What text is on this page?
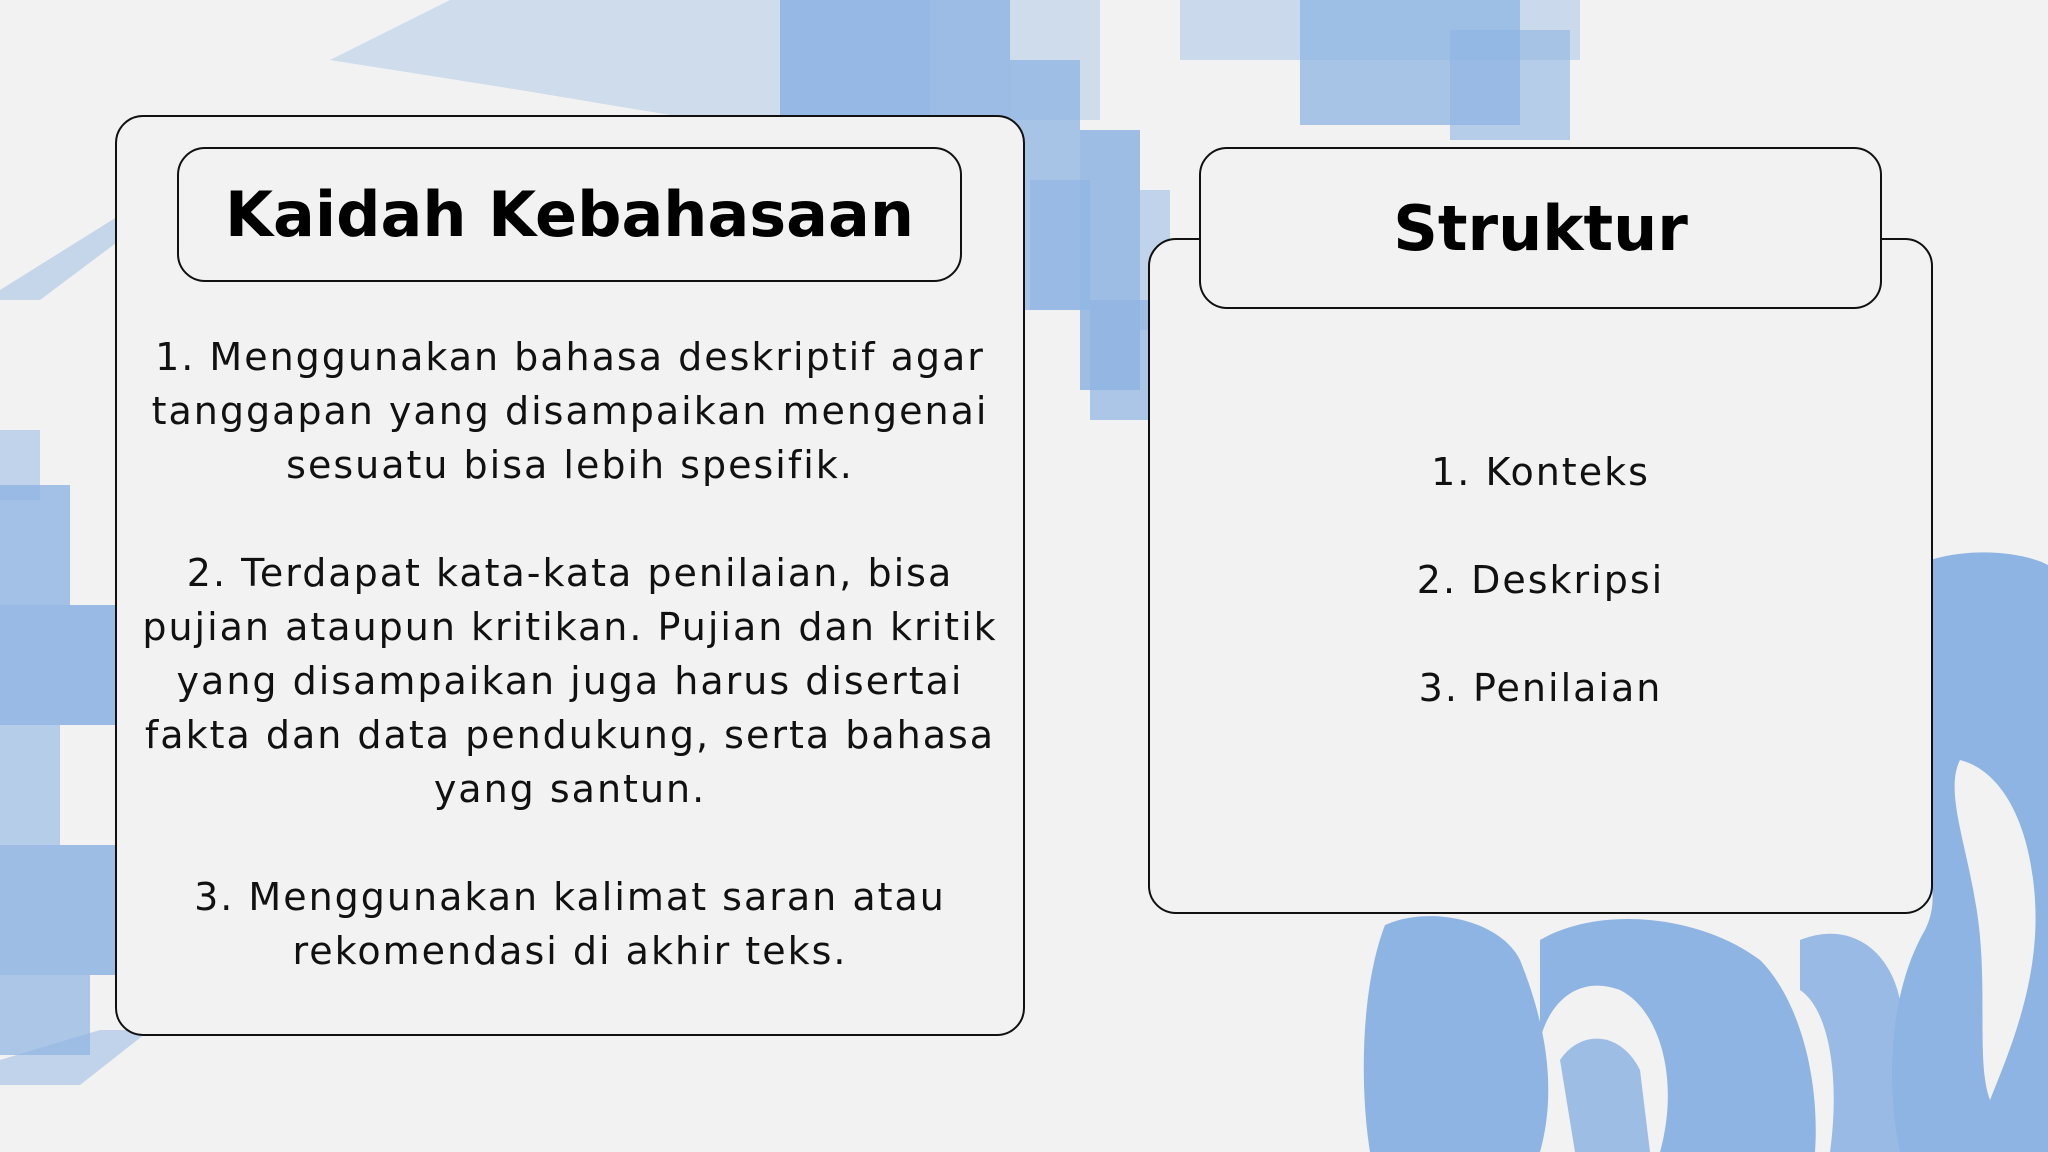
Kaidah Kebahasaan

1. Menggunakan bahasa deskriptif agar tanggapan yang disampaikan mengenai sesuatu bisa lebih spesifik.

2. Terdapat kata-kata penilaian, bisa pujian ataupun kritikan. Pujian dan kritik yang disampaikan juga harus disertai fakta dan data pendukung, serta bahasa yang santun.

3. Menggunakan kalimat saran atau rekomendasi di akhir teks.

Struktur

1. Konteks

2. Deskripsi

3. Penilaian
